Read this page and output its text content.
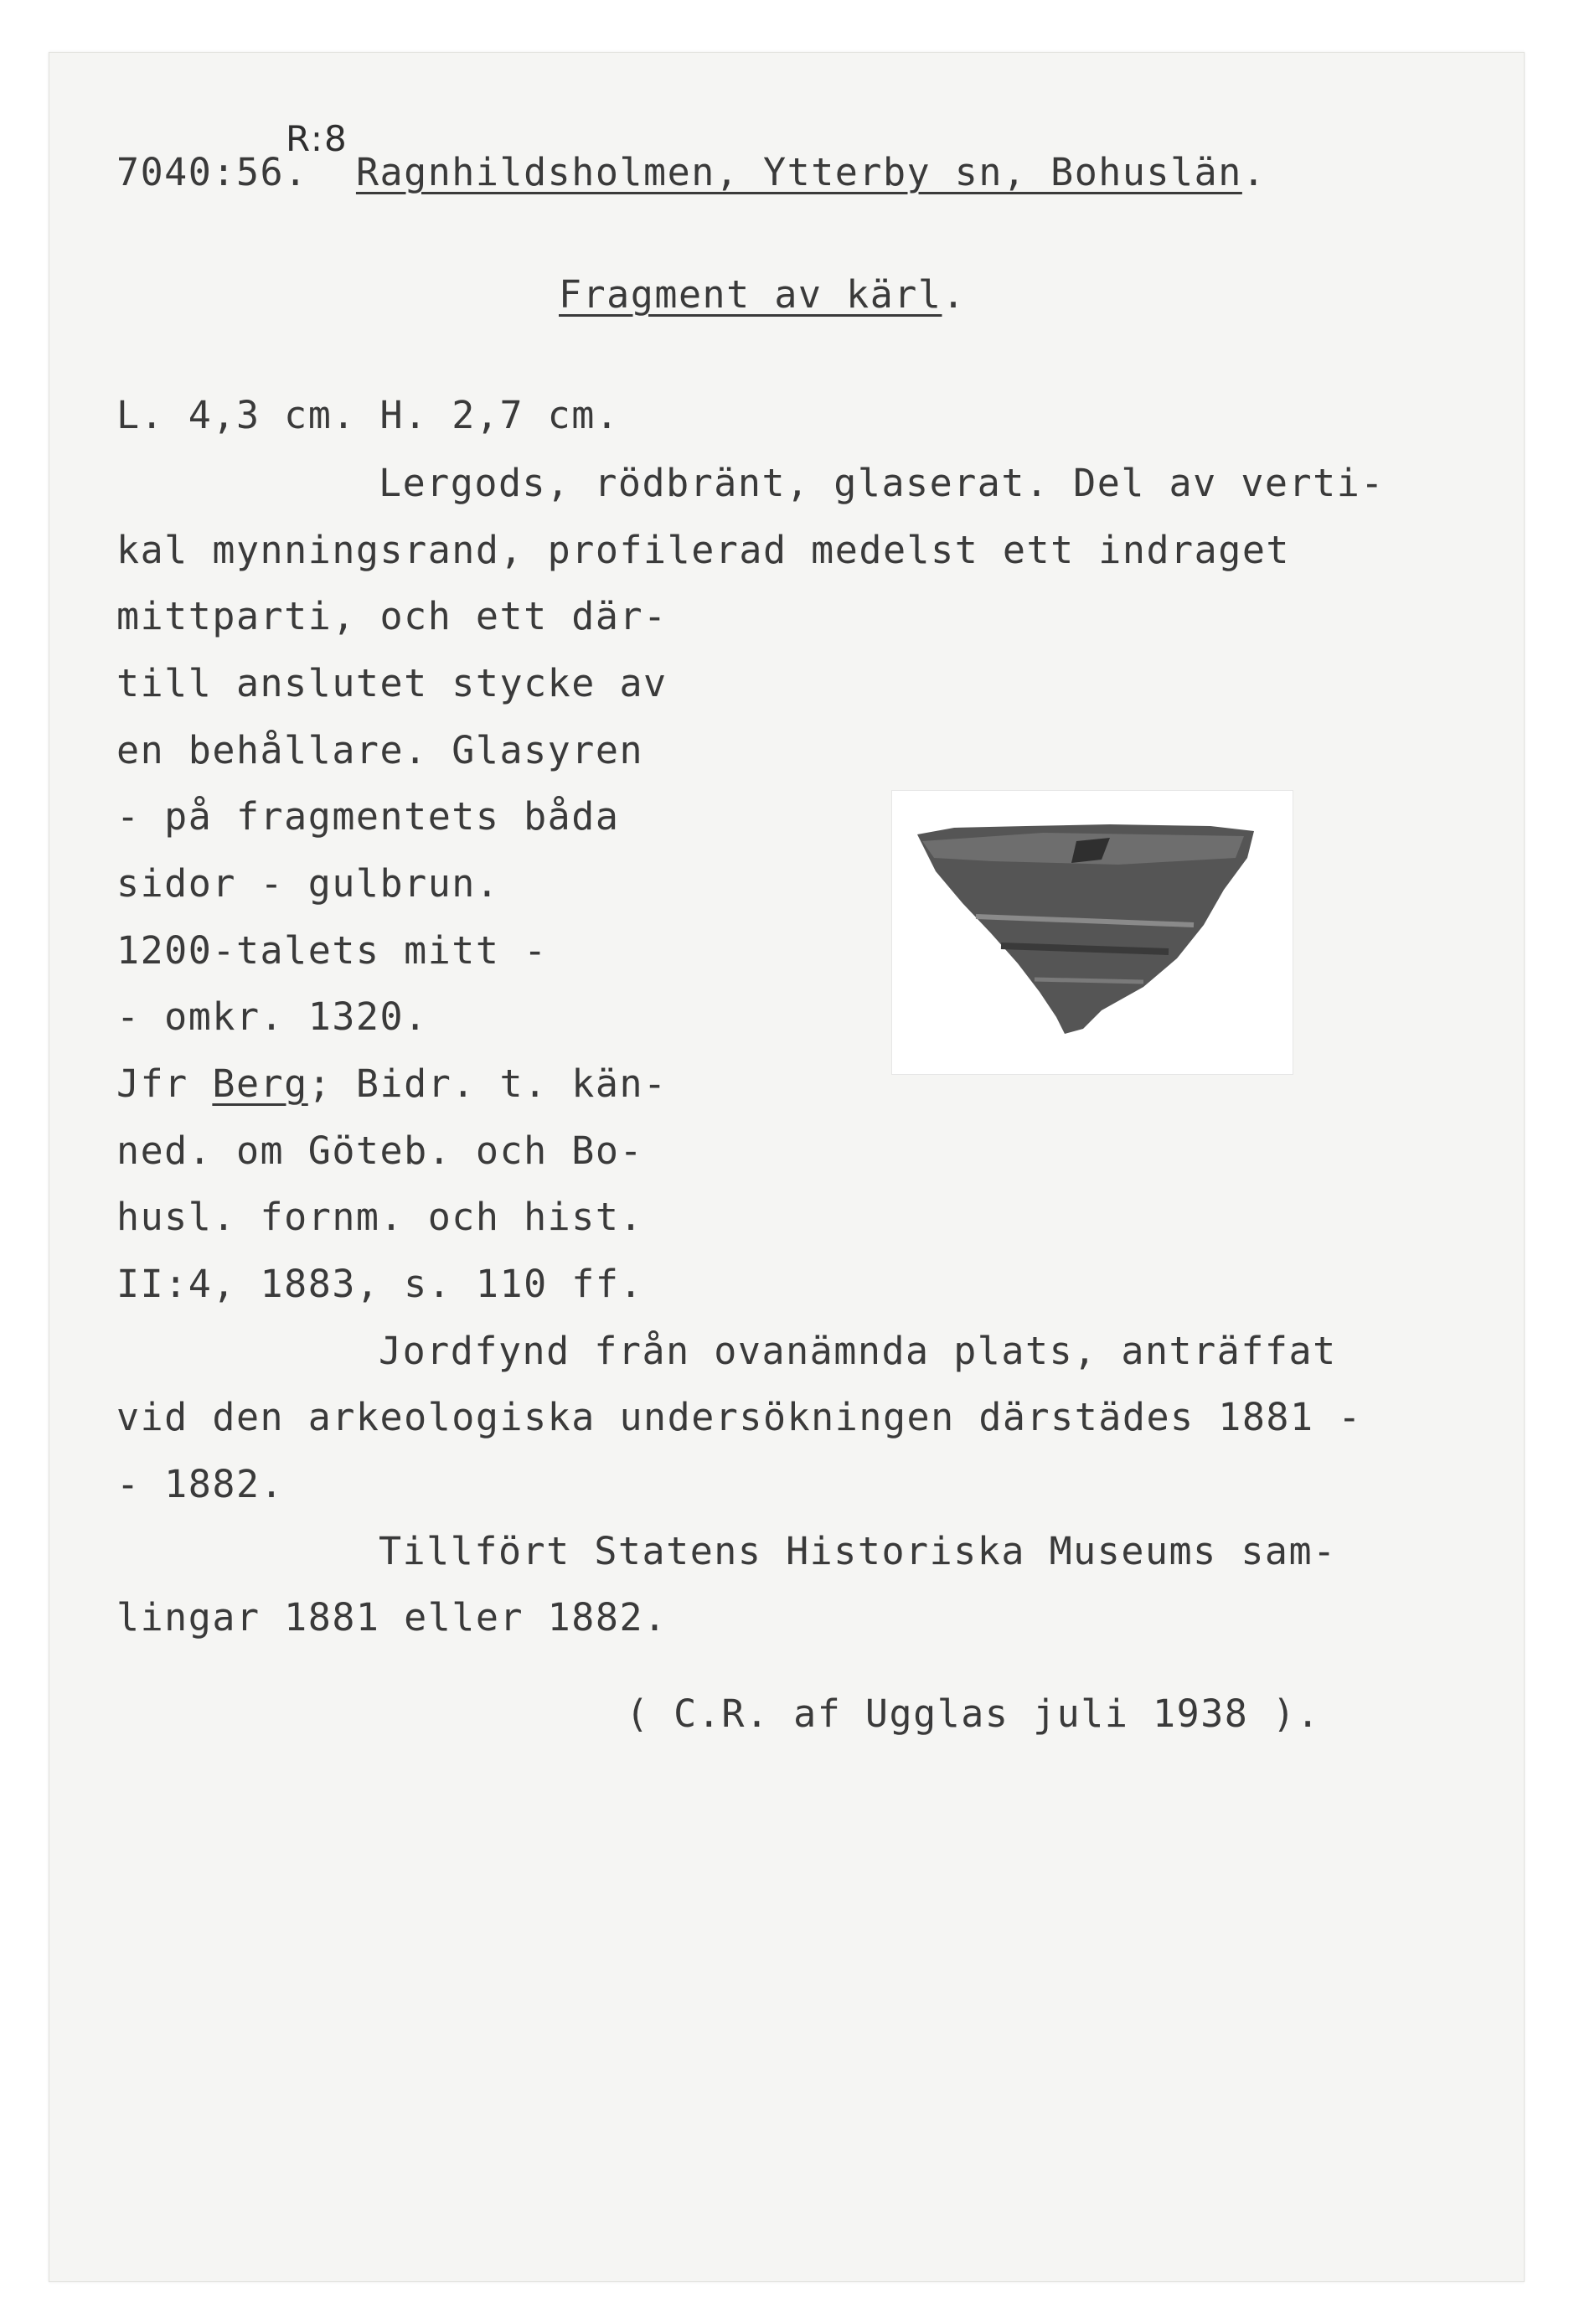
R:8
7040:56. Ragnhildsholmen, Ytterby sn, Bohuslän.
Fragment av kärl.
L. 4,3 cm. H. 2,7 cm.
Lergods, rödbränt, glaserat. Del av verti-
kal mynningsrand, profilerad medelst ett indraget
mittparti, och ett där-
till anslutet stycke av
en behållare. Glasyren
- på fragmentets båda
sidor - gulbrun.
1200-talets mitt -
- omkr. 1320.
Jfr Berg; Bidr. t. kän-
ned. om Göteb. och Bo-
husl. fornm. och hist.
II:4, 1883, s. 110 ff.
Jordfynd från ovanämnda plats, anträffat
vid den arkeologiska undersökningen därstädes 1881 -
- 1882.
Tillfört Statens Historiska Museums sam-
lingar 1881 eller 1882.
( C.R. af Ugglas juli 1938 ).
